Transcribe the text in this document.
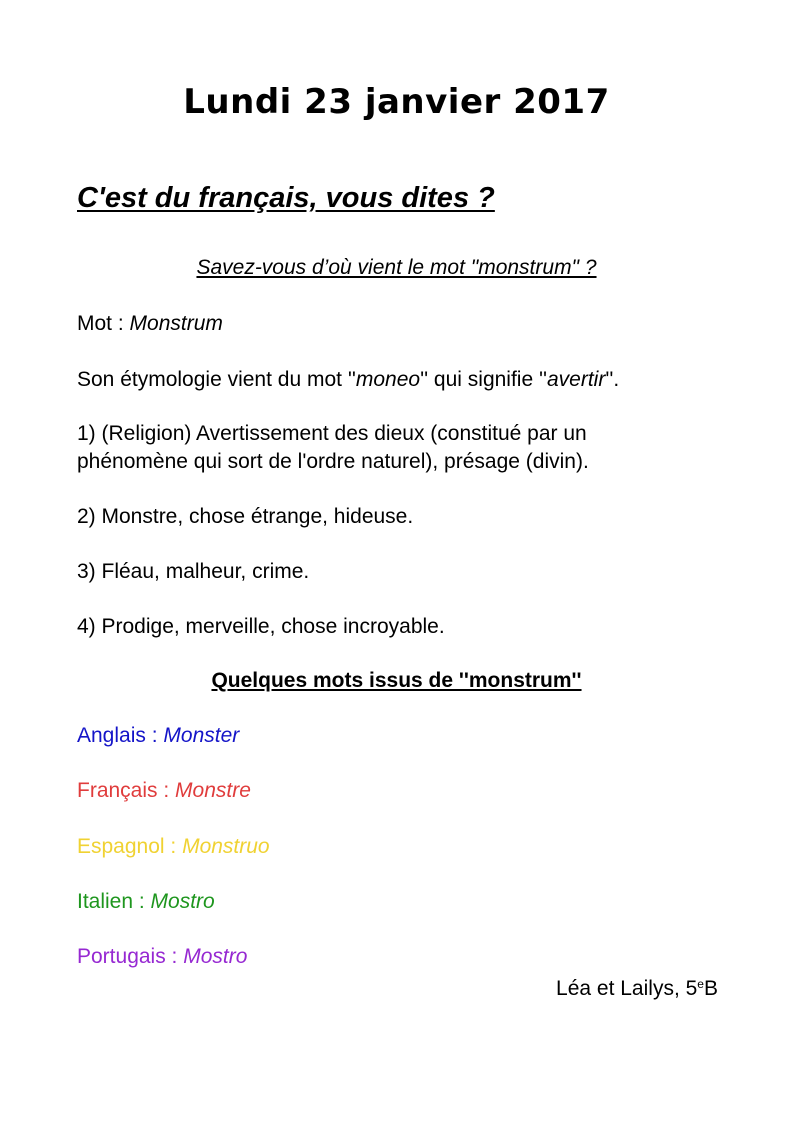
Lundi 23 janvier 2017
C'est du français, vous dites ?
Savez-vous d’où vient le mot "monstrum" ?
Mot : Monstrum
Son étymologie vient du mot ''moneo'' qui signifie ''avertir''.
1) (Religion) Avertissement des dieux (constitué par un
phénomène qui sort de l'ordre naturel), présage (divin).
2) Monstre, chose étrange, hideuse.
3) Fléau, malheur, crime.
4) Prodige, merveille, chose incroyable.
Quelques mots issus de ''monstrum''
Anglais : Monster
Français : Monstre
Espagnol : Monstruo
Italien : Mostro
Portugais : Mostro
Léa et Lailys, 5eB
